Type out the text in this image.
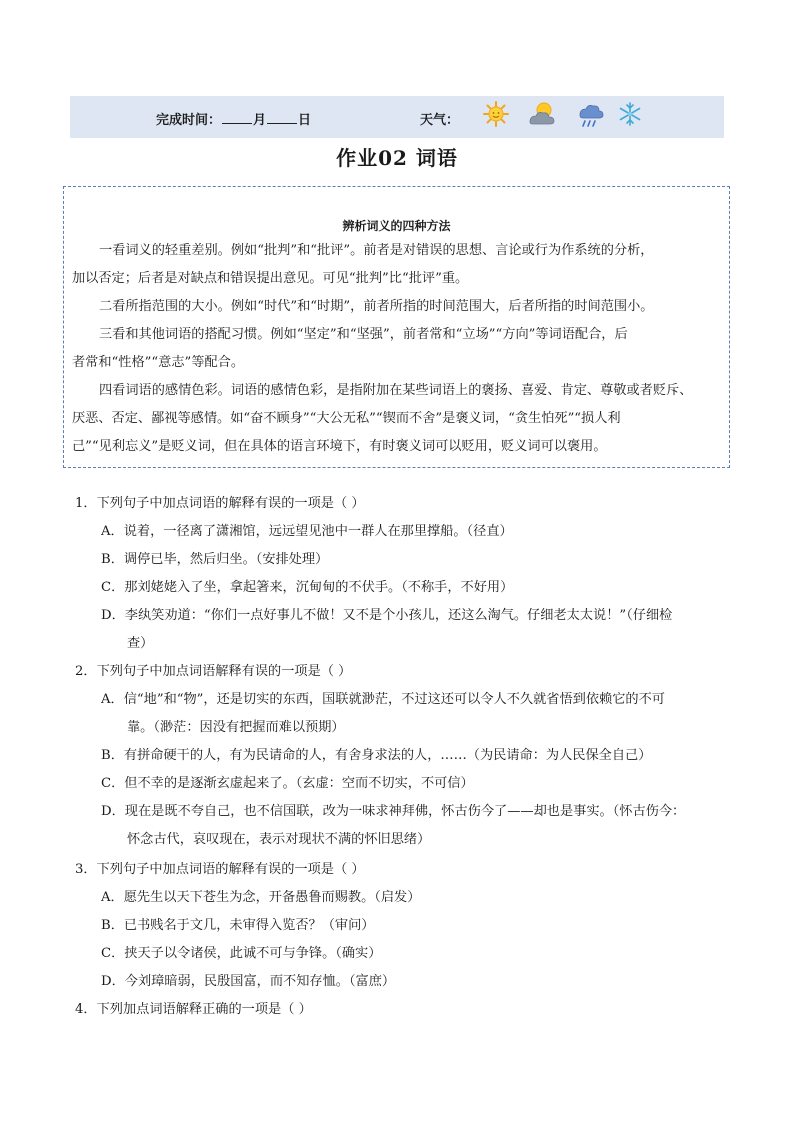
完成时间： 月 日	天气：
作业02 词语
辨析词义的四种方法
一看词义的轻重差别。例如“批判”和“批评”。前者是对错误的思想、言论或行为作系统的分析，
加以否定；后者是对缺点和错误提出意见。可见“批判”比“批评”重。
二看所指范围的大小。例如“时代”和“时期”，前者所指的时间范围大，后者所指的时间范围小。
三看和其他词语的搭配习惯。例如“坚定”和“坚强”，前者常和“立场”“方向”等词语配合，后
者常和“性格”“意志”等配合。
四看词语的感情色彩。词语的感情色彩，是指附加在某些词语上的褒扬、喜爱、肯定、尊敬或者贬斥、
厌恶、否定、鄙视等感情。如“奋不顾身”“大公无私”“锲而不舍”是褒义词，“贪生怕死”“损人利
己”“见利忘义”是贬义词，但在具体的语言环境下，有时褒义词可以贬用，贬义词可以褒用。
1．下列句子中加点词语的解释有误的一项是（ ）
A．说着，一径离了潇湘馆，远远望见池中一群人在那里撑船。（径直）
B．调停已毕，然后归坐。（安排处理）
C．那刘姥姥入了坐，拿起箸来，沉甸甸的不伏手。（不称手，不好用）
D．李纨笑劝道：“你们一点好事儿不做！又不是个小孩儿，还这么淘气。仔细老太太说！”（仔细检
查）
2．下列句子中加点词语解释有误的一项是（ ）
A．信“地”和“物”，还是切实的东西，国联就渺茫，不过这还可以令人不久就省悟到依赖它的不可
靠。（渺茫：因没有把握而难以预期）
B．有拼命硬干的人，有为民请命的人，有舍身求法的人，……（为民请命：为人民保全自己）
C．但不幸的是逐渐玄虚起来了。（玄虚：空而不切实，不可信）
D．现在是既不夸自己，也不信国联，改为一味求神拜佛，怀古伤今了——却也是事实。（怀古伤今：
怀念古代，哀叹现在，表示对现状不满的怀旧思绪）
3．下列句子中加点词语的解释有误的一项是（ ）
A．愿先生以天下苍生为念，开备愚鲁而赐教。（启发）
B．已书贱名于文几，未审得入览否？（审问）
C．挟天子以令诸侯，此诚不可与争锋。（确实）
D．今刘璋暗弱，民殷国富，而不知存恤。（富庶）
4．下列加点词语解释正确的一项是（ ）
